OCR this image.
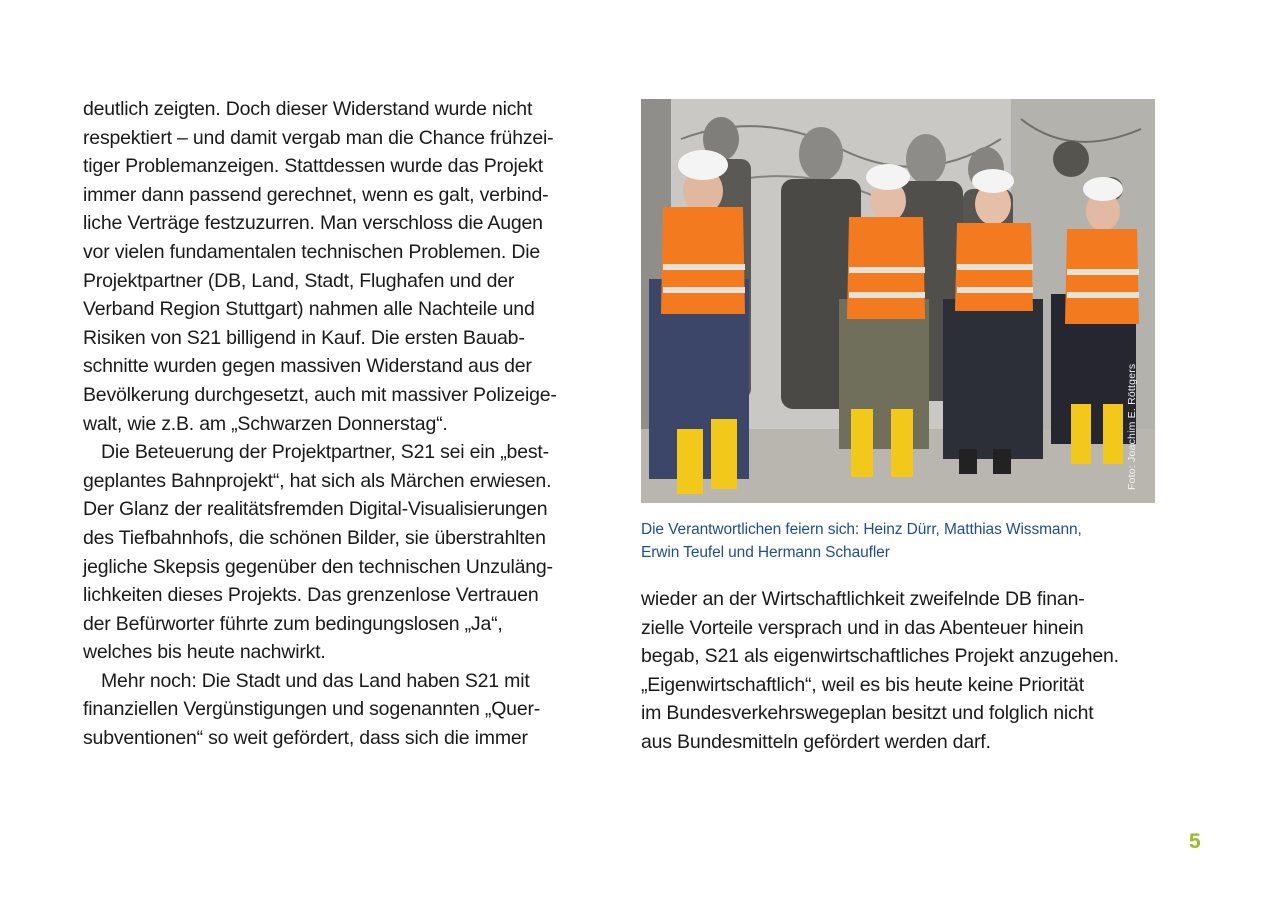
deutlich zeigten. Doch dieser Widerstand wurde nicht
respektiert – und damit vergab man die Chance frühzei-
tiger Problemanzeigen. Stattdessen wurde das Projekt
immer dann passend gerechnet, wenn es galt, verbind-
liche Verträge festzuzurren. Man verschloss die Augen
vor vielen fundamentalen technischen Problemen. Die
Projektpartner (DB, Land, Stadt, Flughafen und der
Verband Region Stuttgart) nahmen alle Nachteile und
Risiken von S21 billigend in Kauf. Die ersten Bauab-
schnitte wurden gegen massiven Widerstand aus der
Bevölkerung durchgesetzt, auch mit massiver Polizeige-
walt, wie z.B. am „Schwarzen Donnerstag“.
Die Beteuerung der Projektpartner, S21 sei ein „best-
geplantes Bahnprojekt“, hat sich als Märchen erwiesen.
Der Glanz der realitätsfremden Digital-Visualisierungen
des Tiefbahnhofs, die schönen Bilder, sie überstrahlten
jegliche Skepsis gegenüber den technischen Unzuläng-
lichkeiten dieses Projekts. Das grenzenlose Vertrauen
der Befürworter führte zum bedingungslosen „Ja“,
welches bis heute nachwirkt.
Mehr noch: Die Stadt und das Land haben S21 mit
finanziellen Vergünstigungen und sogenannten „Quer-
subventionen“ so weit gefördert, dass sich die immer
Foto: Joachim E. Röttgers
Die Verantwortlichen feiern sich: Heinz Dürr, Matthias Wissmann,
Erwin Teufel und Hermann Schaufler
wieder an der Wirtschaftlichkeit zweifelnde DB finan-
zielle Vorteile versprach und in das Abenteuer hinein
begab, S21 als eigenwirtschaftliches Projekt anzugehen.
„Eigenwirtschaftlich“, weil es bis heute keine Priorität
im Bundesverkehrswegeplan besitzt und folglich nicht
aus Bundesmitteln gefördert werden darf.
5
